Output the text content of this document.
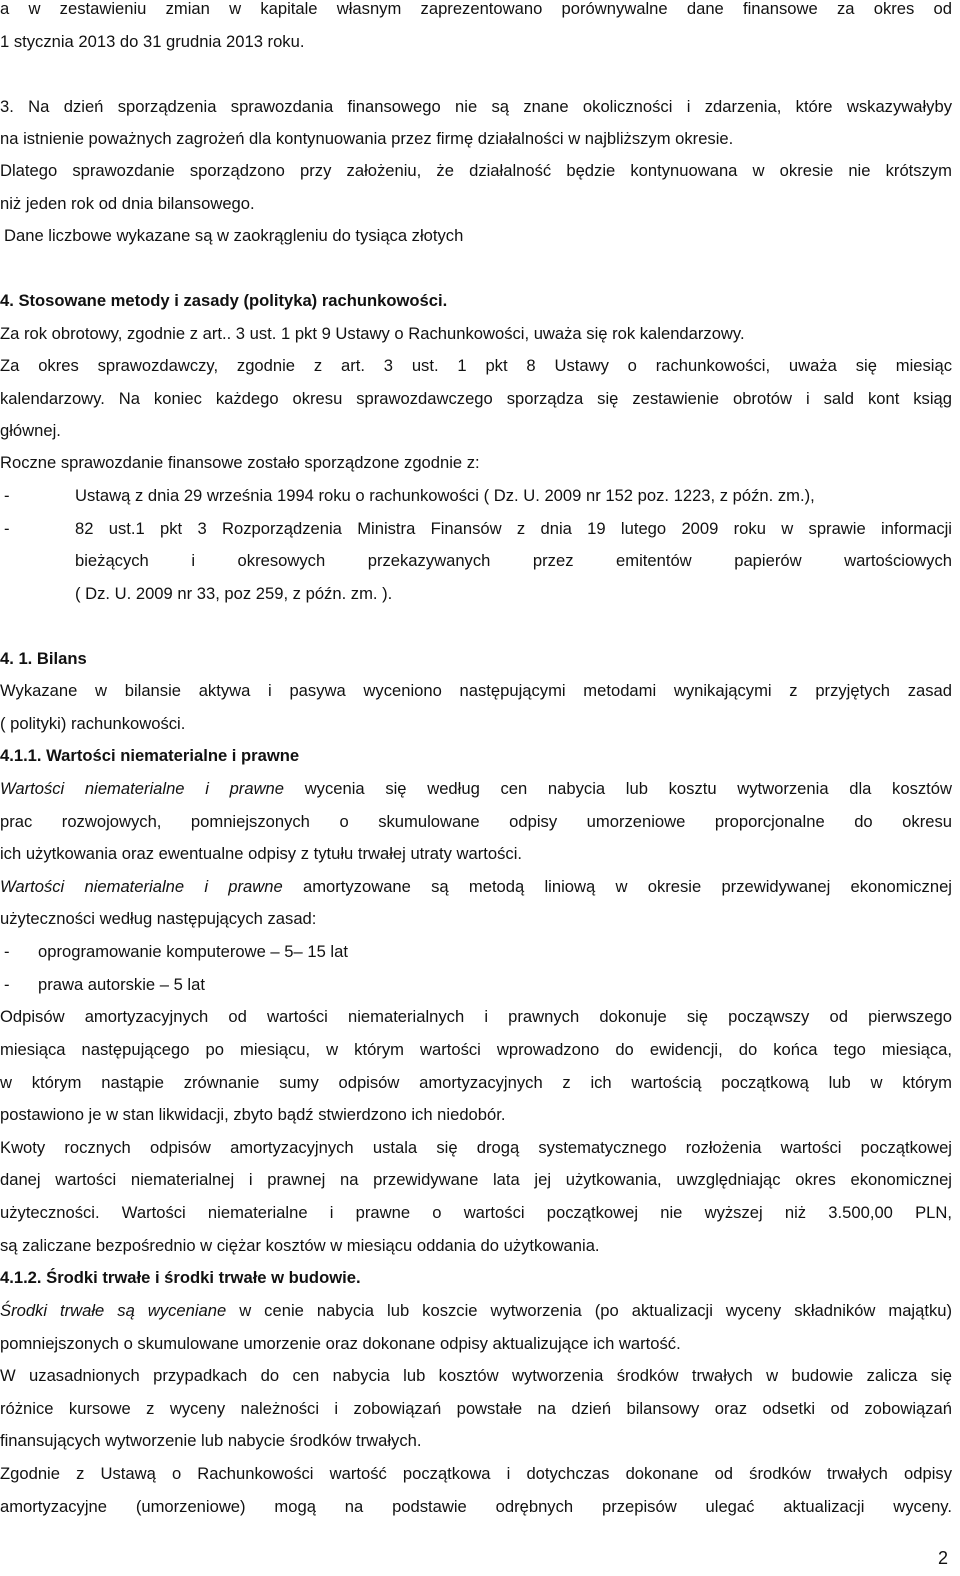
a w zestawieniu zmian w kapitale własnym zaprezentowano porównywalne dane finansowe za okres od
1 stycznia 2013 do 31 grudnia 2013 roku.
3. Na dzień sporządzenia sprawozdania finansowego nie są znane okoliczności i zdarzenia, które wskazywałyby
na istnienie poważnych zagrożeń dla kontynuowania przez firmę działalności w najbliższym okresie.
Dlatego sprawozdanie sporządzono przy założeniu, że działalność będzie kontynuowana w okresie nie krótszym
niż jeden rok od dnia bilansowego.
Dane liczbowe wykazane są w zaokrągleniu do tysiąca złotych
4. Stosowane metody i zasady (polityka) rachunkowości.
Za rok obrotowy, zgodnie z art.. 3 ust. 1 pkt 9 Ustawy o Rachunkowości, uważa się rok kalendarzowy.
Za okres sprawozdawczy, zgodnie z art. 3 ust. 1 pkt 8 Ustawy o rachunkowości, uważa się miesiąc
kalendarzowy. Na koniec każdego okresu sprawozdawczego sporządza się zestawienie obrotów i sald kont ksiąg
głównej.
Roczne sprawozdanie finansowe zostało sporządzone zgodnie z:
-	Ustawą z dnia 29 września 1994 roku o rachunkowości ( Dz. U. 2009 nr 152 poz. 1223, z późn. zm.),
-	82 ust.1 pkt 3 Rozporządzenia Ministra Finansów z dnia 19 lutego 2009 roku w sprawie informacji
bieżących i okresowych przekazywanych przez emitentów papierów wartościowych
( Dz. U. 2009 nr 33, poz 259, z późn. zm. ).
4. 1. Bilans
Wykazane w bilansie aktywa i pasywa wyceniono następującymi metodami wynikającymi z przyjętych zasad
( polityki) rachunkowości.
4.1.1. Wartości niematerialne i prawne
Wartości niematerialne i prawne wycenia się według cen nabycia lub kosztu wytworzenia dla kosztów
prac rozwojowych, pomniejszonych o skumulowane odpisy umorzeniowe proporcjonalne do okresu
ich użytkowania oraz ewentualne odpisy z tytułu trwałej utraty wartości.
Wartości niematerialne i prawne amortyzowane są metodą liniową w okresie przewidywanej ekonomicznej
użyteczności według następujących zasad:
-	oprogramowanie komputerowe – 5– 15 lat
-	prawa autorskie – 5 lat
Odpisów amortyzacyjnych od wartości niematerialnych i prawnych dokonuje się począwszy od pierwszego
miesiąca następującego po miesiącu, w którym wartości wprowadzono do ewidencji, do końca tego miesiąca,
w którym nastąpie zrównanie sumy odpisów amortyzacyjnych z ich wartością początkową lub w którym
postawiono je w stan likwidacji, zbyto bądź stwierdzono ich niedobór.
Kwoty rocznych odpisów amortyzacyjnych ustala się drogą systematycznego rozłożenia wartości początkowej
danej wartości niematerialnej i prawnej na przewidywane lata jej użytkowania, uwzględniając okres ekonomicznej
użyteczności. Wartości niematerialne i prawne o wartości początkowej nie wyższej niż 3.500,00 PLN,
są zaliczane bezpośrednio w ciężar kosztów w miesiącu oddania do użytkowania.
4.1.2. Środki trwałe i środki trwałe w budowie.
Środki trwałe są wyceniane w cenie nabycia lub koszcie wytworzenia (po aktualizacji wyceny składników majątku)
pomniejszonych o skumulowane umorzenie oraz dokonane odpisy aktualizujące ich wartość.
W uzasadnionych przypadkach do cen nabycia lub kosztów wytworzenia środków trwałych w budowie zalicza się
różnice kursowe z wyceny należności i zobowiązań powstałe na dzień bilansowy oraz odsetki od zobowiązań
finansujących wytworzenie lub nabycie środków trwałych.
Zgodnie z Ustawą o Rachunkowości wartość początkowa i dotychczas dokonane od środków trwałych odpisy
amortyzacyjne (umorzeniowe) mogą na podstawie odrębnych przepisów ulegać aktualizacji wyceny.
2
